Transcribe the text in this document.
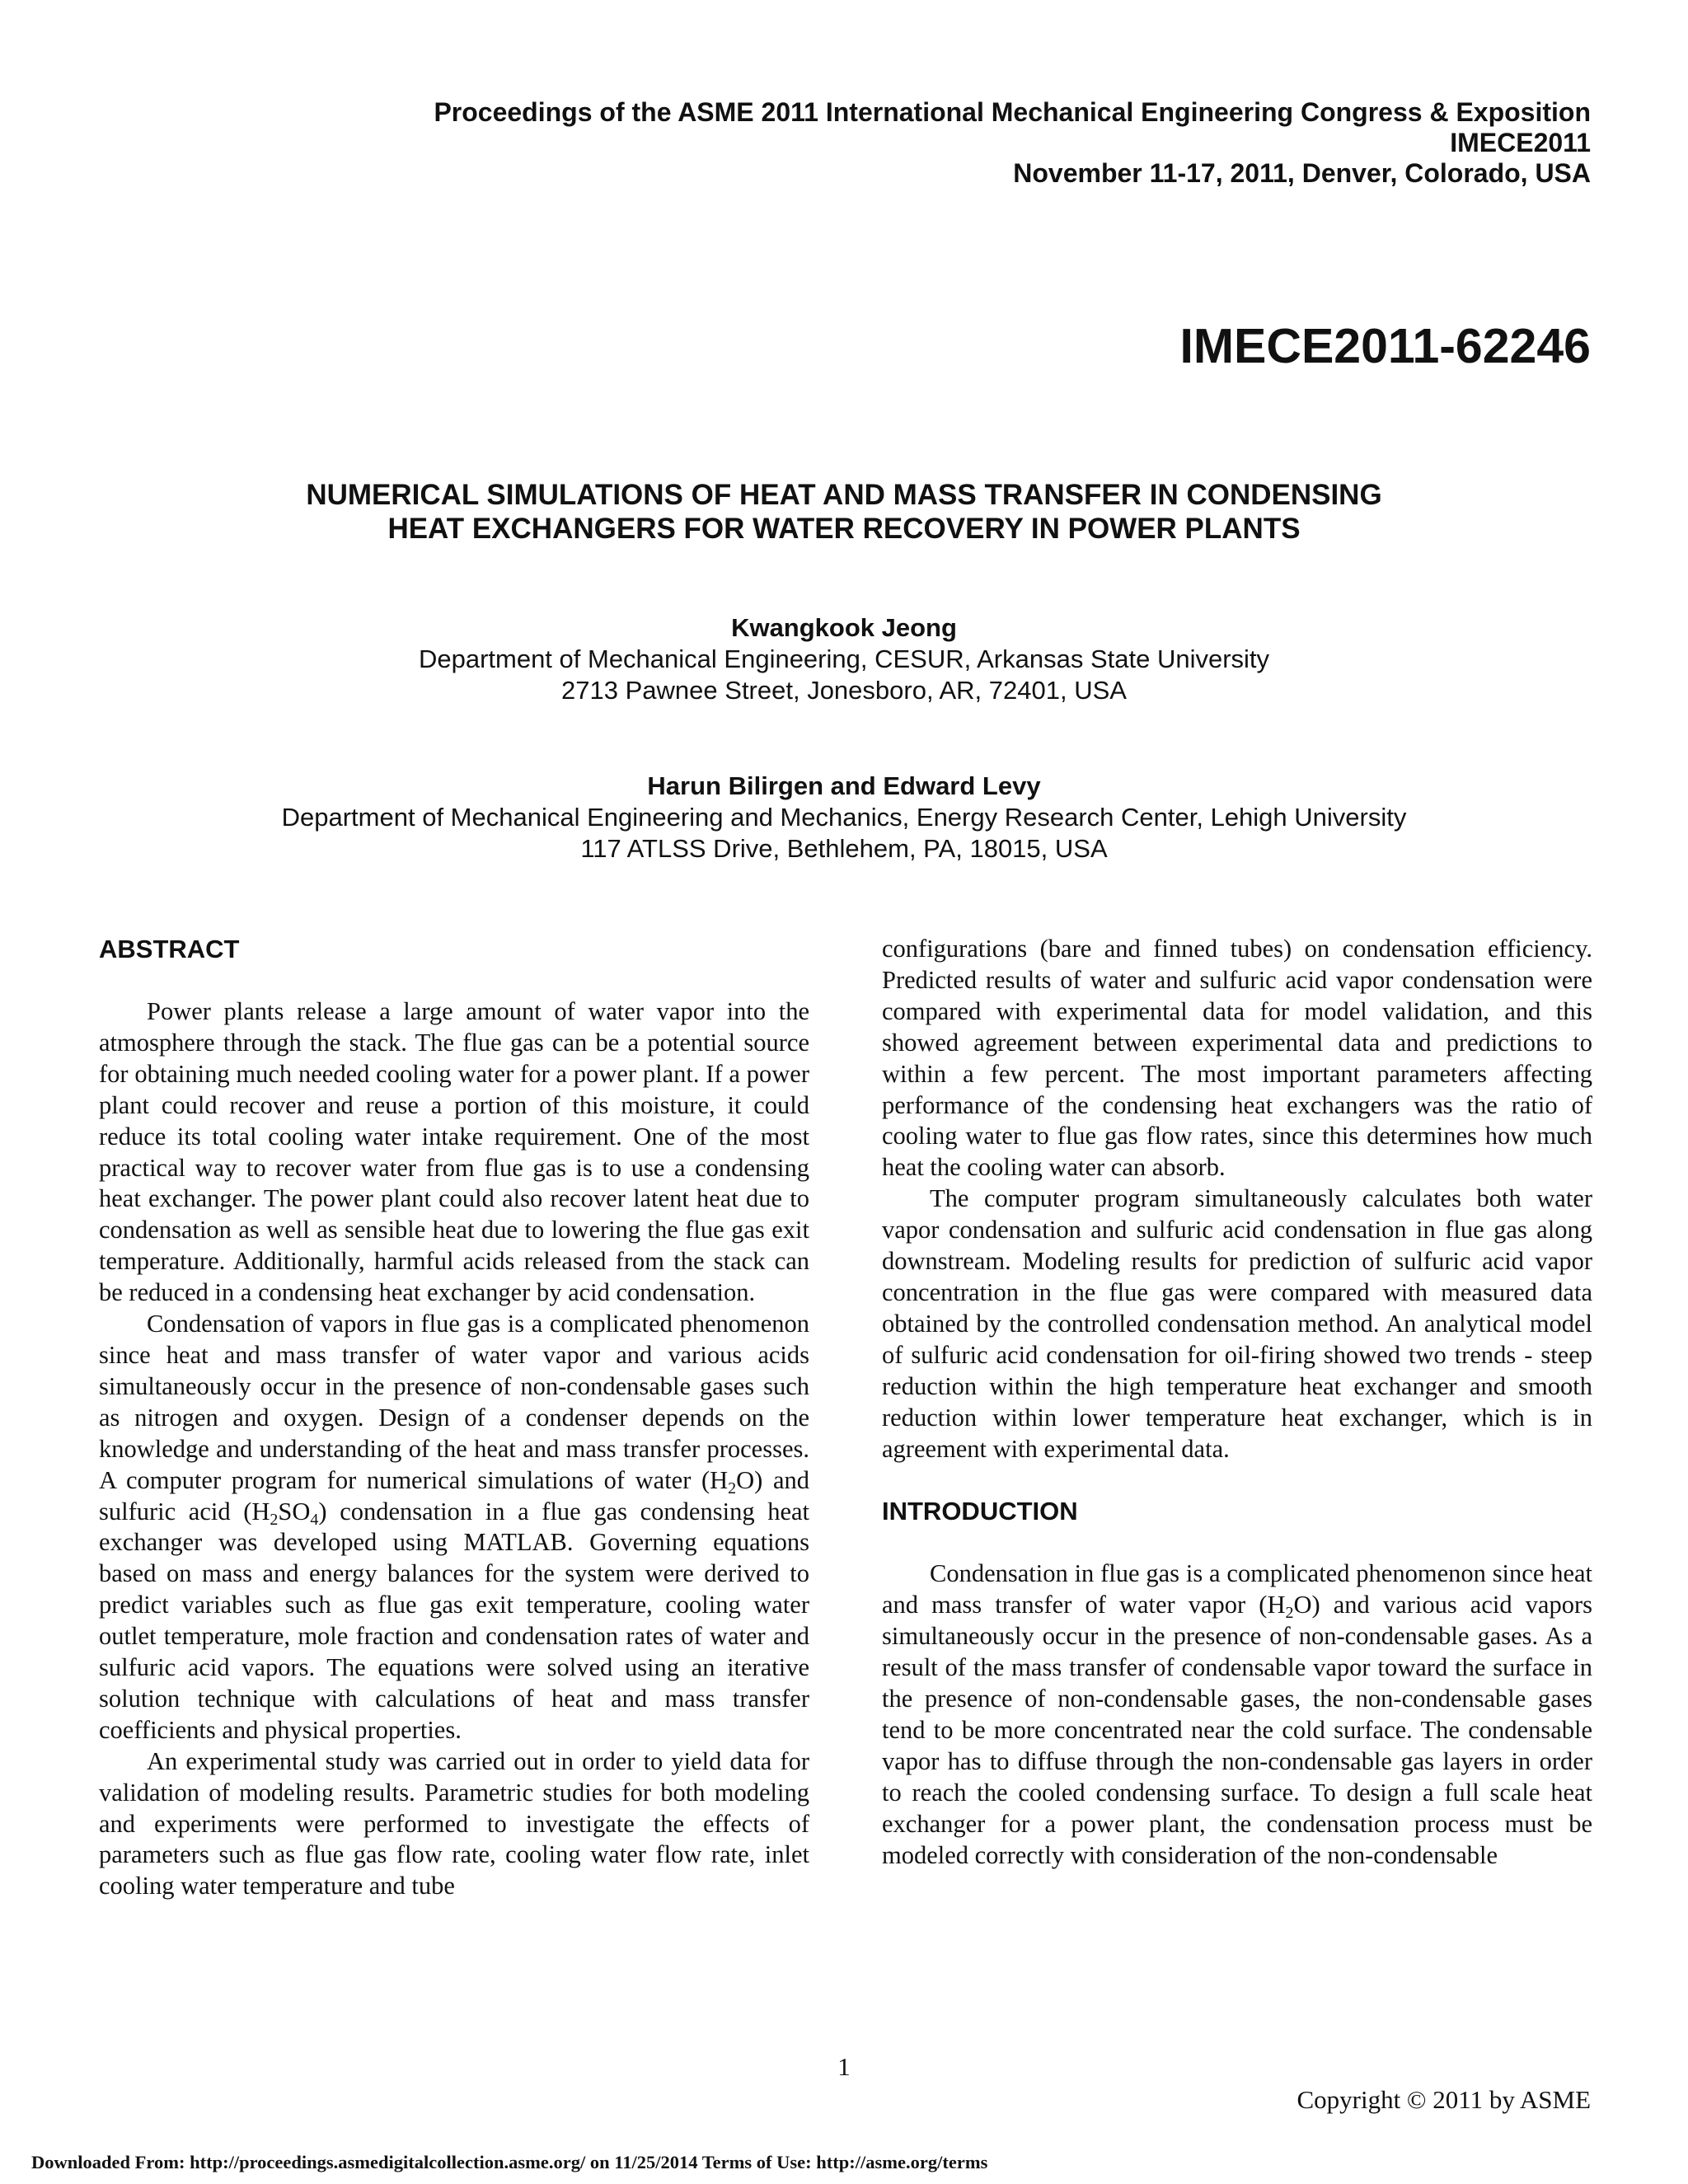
Proceedings of the ASME 2011 International Mechanical Engineering Congress & Exposition
IMECE2011
November 11-17, 2011, Denver, Colorado, USA
IMECE2011-62246
NUMERICAL SIMULATIONS OF HEAT AND MASS TRANSFER IN CONDENSING
HEAT EXCHANGERS FOR WATER RECOVERY IN POWER PLANTS
Kwangkook Jeong
Department of Mechanical Engineering, CESUR, Arkansas State University
2713 Pawnee Street, Jonesboro, AR, 72401, USA
Harun Bilirgen and Edward Levy
Department of Mechanical Engineering and Mechanics, Energy Research Center, Lehigh University
117 ATLSS Drive, Bethlehem, PA, 18015, USA
ABSTRACT

Power plants release a large amount of water vapor into the atmosphere through the stack. The flue gas can be a potential source for obtaining much needed cooling water for a power plant. If a power plant could recover and reuse a portion of this moisture, it could reduce its total cooling water intake requirement. One of the most practical way to recover water from flue gas is to use a condensing heat exchanger. The power plant could also recover latent heat due to condensation as well as sensible heat due to lowering the flue gas exit temperature. Additionally, harmful acids released from the stack can be reduced in a condensing heat exchanger by acid condensation.

Condensation of vapors in flue gas is a complicated phenomenon since heat and mass transfer of water vapor and various acids simultaneously occur in the presence of non-condensable gases such as nitrogen and oxygen. Design of a condenser depends on the knowledge and understanding of the heat and mass transfer processes. A computer program for numerical simulations of water $(H_2O)$ and sulfuric acid $(H_2SO_4)$ condensation in a flue gas condensing heat exchanger was developed using MATLAB. Governing equations based on mass and energy balances for the system were derived to predict variables such as flue gas exit temperature, cooling water outlet temperature, mole fraction and condensation rates of water and sulfuric acid vapors. The equations were solved using an iterative solution technique with calculations of heat and mass transfer coefficients and physical properties.

An experimental study was carried out in order to yield data for validation of modeling results. Parametric studies for both modeling and experiments were performed to investigate the effects of parameters such as flue gas flow rate, cooling water flow rate, inlet cooling water temperature and tube

configurations (bare and finned tubes) on condensation efficiency. Predicted results of water and sulfuric acid vapor condensation were compared with experimental data for model validation, and this showed agreement between experimental data and predictions to within a few percent. The most important parameters affecting performance of the condensing heat exchangers was the ratio of cooling water to flue gas flow rates, since this determines how much heat the cooling water can absorb.

The computer program simultaneously calculates both water vapor condensation and sulfuric acid condensation in flue gas along downstream. Modeling results for prediction of sulfuric acid vapor concentration in the flue gas were compared with measured data obtained by the controlled condensation method. An analytical model of sulfuric acid condensation for oil-firing showed two trends - steep reduction within the high temperature heat exchanger and smooth reduction within lower temperature heat exchanger, which is in agreement with experimental data.

INTRODUCTION

Condensation in flue gas is a complicated phenomenon since heat and mass transfer of water vapor $(H_2O)$ and various acid vapors simultaneously occur in the presence of non-condensable gases. As a result of the mass transfer of condensable vapor toward the surface in the presence of non-condensable gases, the non-condensable gases tend to be more concentrated near the cold surface. The condensable vapor has to diffuse through the non-condensable gas layers in order to reach the cooled condensing surface. To design a full scale heat exchanger for a power plant, the condensation process must be modeled correctly with consideration of the non-condensable

1
Copyright © 2011 by ASME
Downloaded From: http://proceedings.asmedigitalcollection.asme.org/ on 11/25/2014 Terms of Use: http://asme.org/terms
